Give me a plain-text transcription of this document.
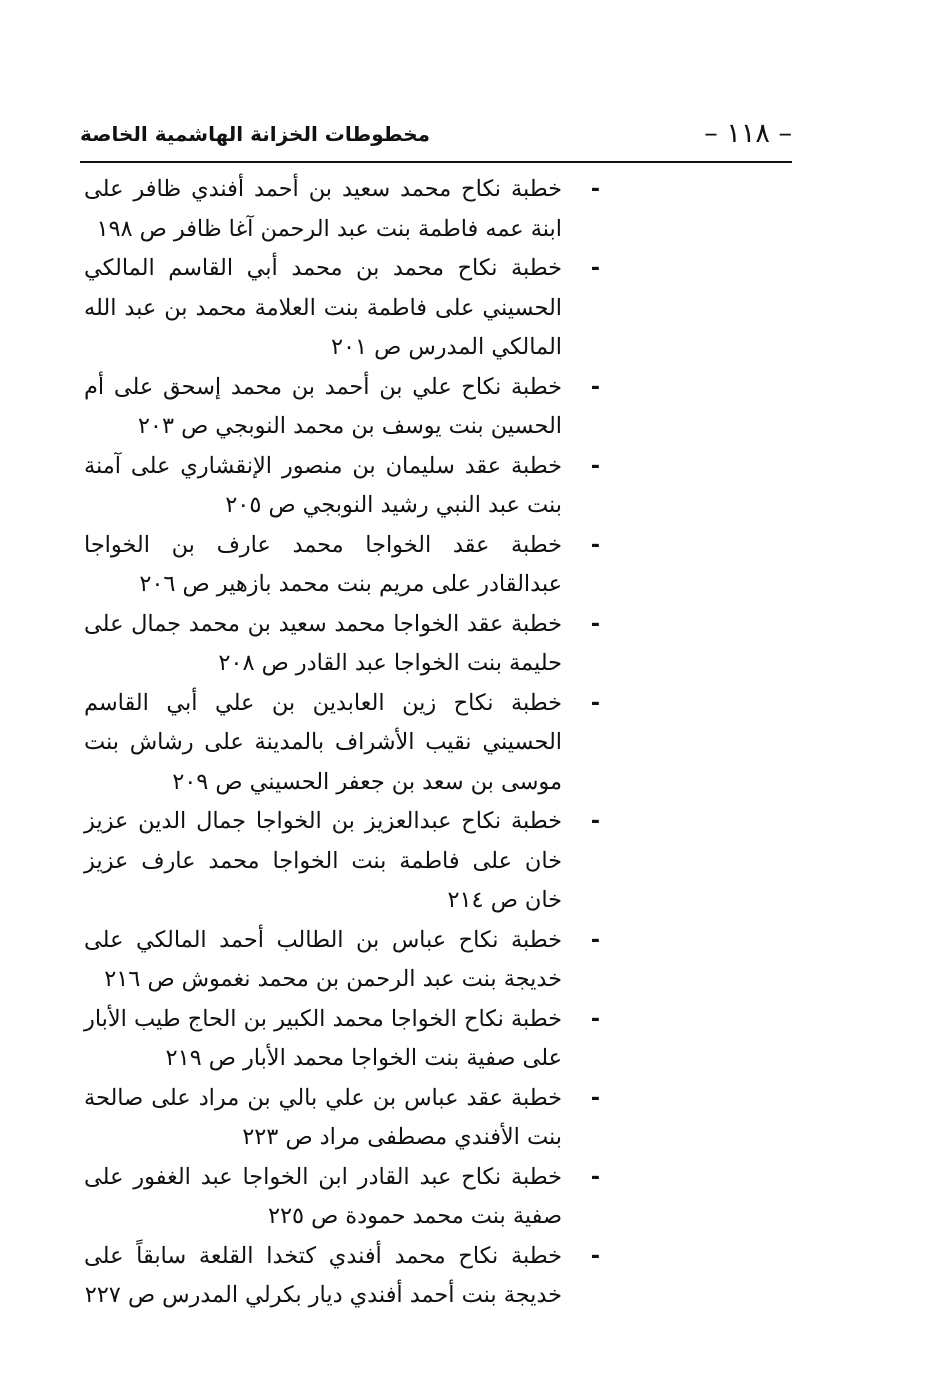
– ١١٨ –
مخطوطات الخزانة الهاشمية الخاصة
-
خطبة نكاح محمد سعيد بن أحمد أفندي ظافر على ابنة عمه فاطمة بنت عبد الرحمن آغا ظافر ص ١٩٨
-
خطبة نكاح محمد بن محمد أبي القاسم المالكي الحسيني على فاطمة بنت العلامة محمد بن عبد الله المالكي المدرس ص ٢٠١
-
خطبة نكاح علي بن أحمد بن محمد إسحق على أم الحسين بنت يوسف بن محمد النوبجي ص ٢٠٣
-
خطبة عقد سليمان بن منصور الإنقشاري على آمنة بنت عبد النبي رشيد النوبجي ص ٢٠٥
-
خطبة عقد الخواجا محمد عارف بن الخواجا عبدالقادر على مريم بنت محمد بازهير ص ٢٠٦
-
خطبة عقد الخواجا محمد سعيد بن محمد جمال على حليمة بنت الخواجا عبد القادر ص ٢٠٨
-
خطبة نكاح زين العابدين بن علي أبي القاسم الحسيني نقيب الأشراف بالمدينة على رشاش بنت موسى بن سعد بن جعفر الحسيني ص ٢٠٩
-
خطبة نكاح عبدالعزيز بن الخواجا جمال الدين عزيز خان على فاطمة بنت الخواجا محمد عارف عزيز خان ص ٢١٤
-
خطبة نكاح عباس بن الطالب أحمد المالكي على خديجة بنت عبد الرحمن بن محمد نغموش ص ٢١٦
-
خطبة نكاح الخواجا محمد الكبير بن الحاج طيب الأبار على صفية بنت الخواجا محمد الأبار ص ٢١٩
-
خطبة عقد عباس بن علي بالي بن مراد على صالحة بنت الأفندي مصطفى مراد ص ٢٢٣
-
خطبة نكاح عبد القادر ابن الخواجا عبد الغفور على صفية بنت محمد حمودة ص ٢٢٥
-
خطبة نكاح محمد أفندي كتخدا القلعة سابقاً على خديجة بنت أحمد أفندي ديار بكرلي المدرس ص ٢٢٧
